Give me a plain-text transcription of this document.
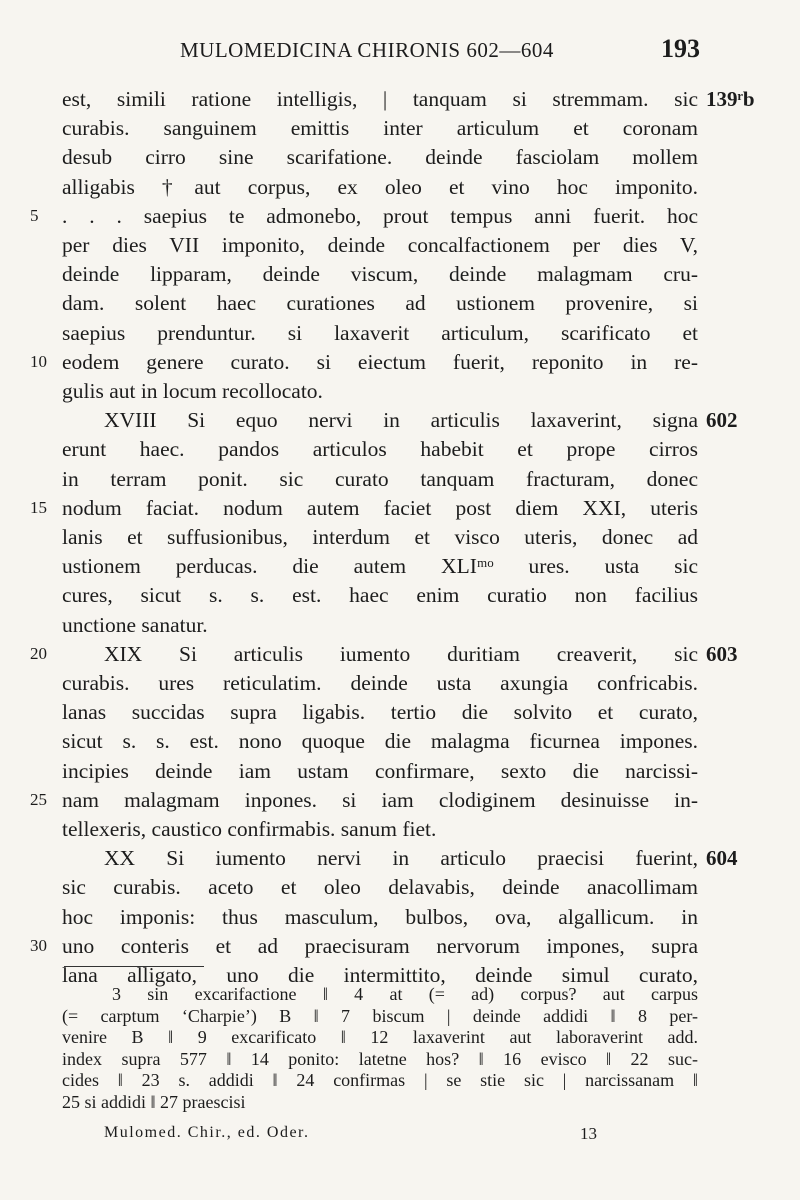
MULOMEDICINA CHIRONIS 602—604	193
est, simili ratione intelligis, | tanquam si stremmam. sic 139ʳb
curabis. sanguinem emittis inter articulum et coronam
desub cirro sine scarifatione. deinde fasciolam mollem
alligabis †aut corpus, ex oleo et vino hoc imponito.
. . . saepius te admonebo, prout tempus anni fuerit. hoc
5
per dies VII imponito, deinde concalfactionem per dies V,
deinde lipparam, deinde viscum, deinde malagmam cru-
dam. solent haec curationes ad ustionem provenire, si
saepius prenduntur. si laxaverit articulum, scarificato et
eodem genere curato. si eiectum fuerit, reponito in re-
10
gulis aut in locum recollocato.
XVIII Si equo nervi in articulis laxaverint, signa 602
erunt haec. pandos articulos habebit et prope cirros
in terram ponit. sic curato tanquam fracturam, donec
nodum faciat. nodum autem faciet post diem XXI, uteris
15
lanis et suffusionibus, interdum et visco uteris, donec ad
ustionem perducas. die autem XLIᵐᵒ ures. usta sic
cures, sicut s. s. est. haec enim curatio non facilius
unctione sanatur.
XIX Si articulis iumento duritiam creaverit, sic
20	603
curabis. ures reticulatim. deinde usta axungia confricabis.
lanas succidas supra ligabis. tertio die solvito et curato,
sicut s. s. est. nono quoque die malagma ficurnea impones.
incipies deinde iam ustam confirmare, sexto die narcissi-
nam malagmam inpones. si iam clodiginem desinuisse in-
25
tellexeris, caustico confirmabis. sanum fiet.
XX Si iumento nervi in articulo praecisi fuerint, 604
sic curabis. aceto et oleo delavabis, deinde anacollimam
hoc imponis: thus masculum, bulbos, ova, algallicum. in
uno conteris et ad praecisuram nervorum impones, supra
30
lana alligato, uno die intermittito, deinde simul curato,
3 sin excarifactione ‖ 4 at (= ad) corpus? aut carpus
(= carptum ʻCharpieʼ) B ‖ 7 biscum | deinde addidi ‖ 8 per-
venire B ‖ 9 excarificato ‖ 12 laxaverint aut laboraverint add.
index supra 577 ‖ 14 ponito: latetne hos? ‖ 16 evisco ‖ 22 suc-
cides ‖ 23 s. addidi ‖ 24 confirmas | se stie sic | narcissanam ‖
25 si addidi ‖ 27 praescisi
Mulomed. Chir., ed. Oder.	13
